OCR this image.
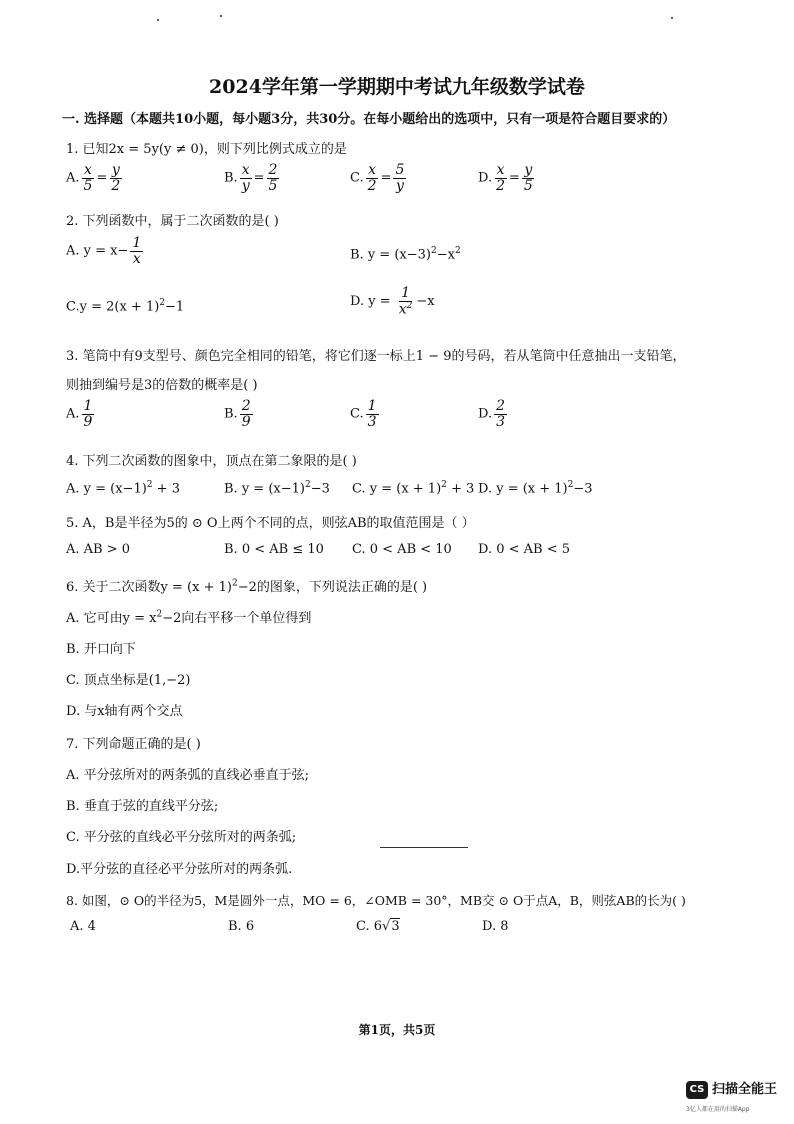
2024学年第一学期期中考试九年级数学试卷
一. 选择题（本题共10小题，每小题3分，共30分。在每小题给出的选项中，只有一项是符合题目要求的）
1. 已知2x = 5y(y ≠ 0)，则下列比例式成立的是
A. $\frac{x}{5} = \frac{y}{2}$	B. $\frac{x}{y} = \frac{2}{5}$	C. $\frac{x}{2} = \frac{5}{y}$	D. $\frac{x}{2} = \frac{y}{5}$
2. 下列函数中，属于二次函数的是( )
A. $y = x- \frac{1}{x}$	B. $y = (x-3)^2-x^2$
$C.y = 2(x + 1)^2-1$	D. $y = \frac{1}{x^2} -x$
3. 笔筒中有9支型号、颜色完全相同的铅笔，将它们逐一标上1 − 9的号码，若从笔筒中任意抽出一支铅笔，
则抽到编号是3的倍数的概率是( )
A. $\frac{1}{9}$	B. $\frac{2}{9}$	C. $\frac{1}{3}$	D. $\frac{2}{3}$
4. 下列二次函数的图象中，顶点在第二象限的是( )
A. $y = (x-1)^2 + 3$	B. $y = (x-1)^2-3$ C. $y = (x + 1)^2 + 3$ D. $y = (x + 1)^2-3$
5. A，B是半径为5的 ⊙ O上两个不同的点，则弦AB的取值范围是（ ）
A. AB > 0	B. 0 < AB ≤ 10 C. 0 < AB < 10 D. 0 < AB < 5
6. 关于二次函数$y = (x + 1)^2-2$的图象，下列说法正确的是( )
A. 它可由$y = x^2-2$向右平移一个单位得到
B. 开口向下
C. 顶点坐标是(1,−2)
D. 与x轴有两个交点
7. 下列命题正确的是( )
A. 平分弦所对的两条弧的直线必垂直于弦;
B. 垂直于弦的直线平分弦;
C. 平分弦的直线必平分弦所对的两条弧;
D.平分弦的直径必平分弦所对的两条弧.
8. 如图，⊙ O的半径为5，M是圆外一点，MO = 6，∠OMB = 30°，MB交 ⊙ O于点A，B，则弦AB的长为( )
A. 4	B. 6	C. 6√3	D. 8
第1页，共5页
CS 扫描全能王
3亿人都在用的扫描App
